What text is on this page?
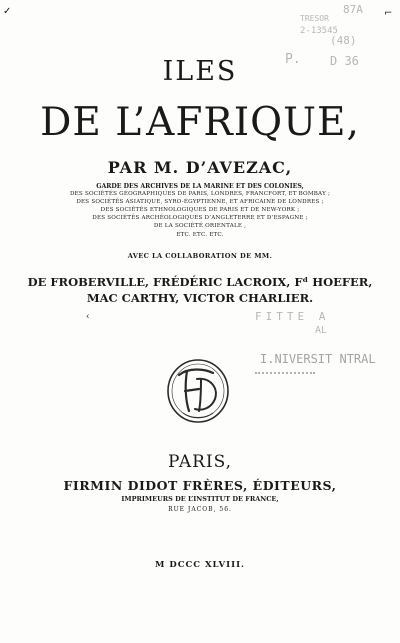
✓	⌐
87A
TRESOR
2-13545
(48)
P. D 36
ILES
DE L’AFRIQUE,
PAR M. D’AVEZAC,
GARDE DES ARCHIVES DE LA MARINE ET DES COLONIES,
DES SOCIÉTÉS GÉOGRAPHIQUES DE PARIS, LONDRES, FRANCFORT, ET BOMBAY ;
DES SOCIÉTÉS ASIATIQUE, SYRO-ÉGYPTIENNE, ET AFRICAINE DE LONDRES ;
DES SOCIÉTÉS ETHNOLOGIQUES DE PARIS ET DE NEW-YORK ;
DES SOCIÉTÉS ARCHÉOLOGIQUES D’ANGLETERRE ET D’ESPAGNE ;
DE LA SOCIÉTÉ ORIENTALE ,
ETC. ETC. ETC.
AVEC LA COLLABORATION DE MM.
DE FROBERVILLE, FRÉDÉRIC LACROIX, Fᵈ HOEFER,
‹
MAC CARTHY, VICTOR CHARLIER.
FITTE A
AL
I.NIVERSIT NTRAL
PARIS,
FIRMIN DIDOT FRÈRES, ÉDITEURS,
IMPRIMEURS DE L’INSTITUT DE FRANCE,
RUE JACOB, 56.
M DCCC XLVIII.
